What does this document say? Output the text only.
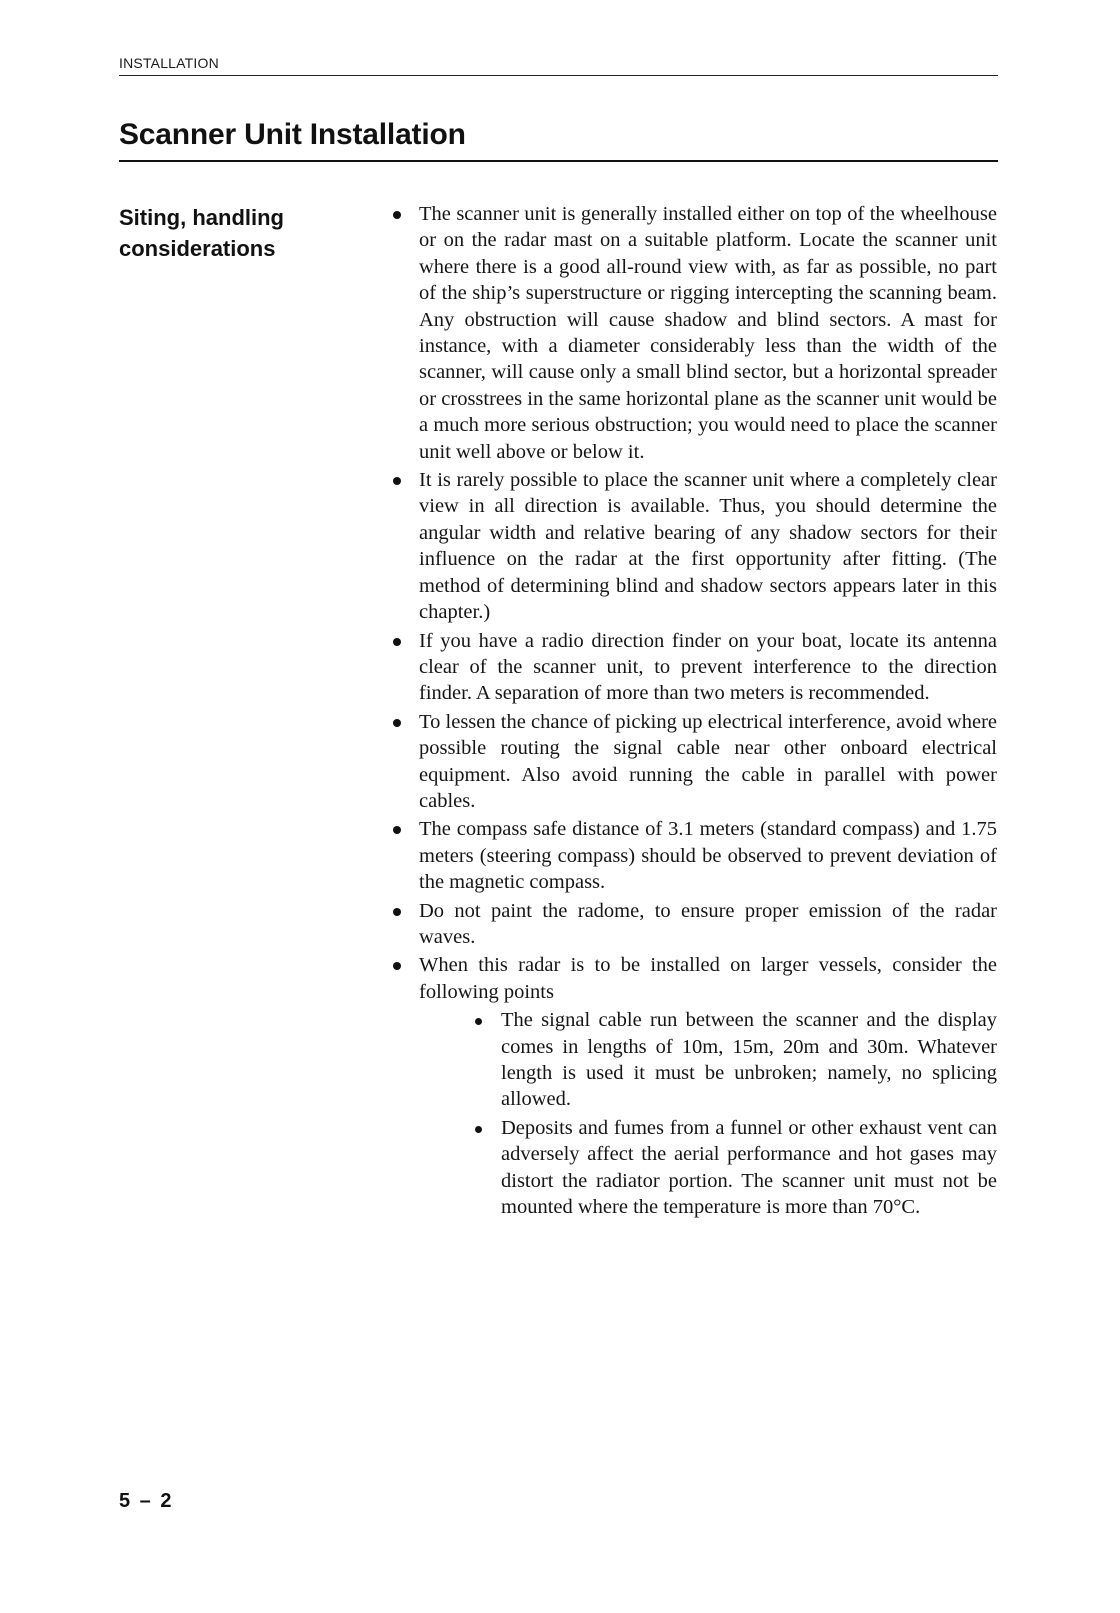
INSTALLATION
Scanner Unit Installation
Siting, handling considerations
The scanner unit is generally installed either on top of the wheelhouse or on the radar mast on a suitable platform. Locate the scanner unit where there is a good all-round view with, as far as possible, no part of the ship’s superstructure or rigging intercepting the scanning beam. Any obstruction will cause shadow and blind sectors. A mast for instance, with a diameter considerably less than the width of the scanner, will cause only a small blind sector, but a horizontal spreader or crosstrees in the same horizontal plane as the scanner unit would be a much more serious obstruction; you would need to place the scanner unit well above or below it.
It is rarely possible to place the scanner unit where a completely clear view in all direction is available. Thus, you should determine the angular width and relative bearing of any shadow sectors for their influence on the radar at the first opportunity after fitting. (The method of determining blind and shadow sectors appears later in this chapter.)
If you have a radio direction finder on your boat, locate its antenna clear of the scanner unit, to prevent interference to the direction finder. A separation of more than two meters is recommended.
To lessen the chance of picking up electrical interference, avoid where possible routing the signal cable near other onboard electrical equipment. Also avoid running the cable in parallel with power cables.
The compass safe distance of 3.1 meters (standard compass) and 1.75 meters (steering compass) should be observed to prevent deviation of the magnetic compass.
Do not paint the radome, to ensure proper emission of the radar waves.
When this radar is to be installed on larger vessels, consider the following points
The signal cable run between the scanner and the display comes in lengths of 10m, 15m, 20m and 30m. Whatever length is used it must be unbroken; namely, no splicing allowed.
Deposits and fumes from a funnel or other exhaust vent can adversely affect the aerial performance and hot gases may distort the radiator portion. The scanner unit must not be mounted where the temperature is more than 70°C.
5 – 2
